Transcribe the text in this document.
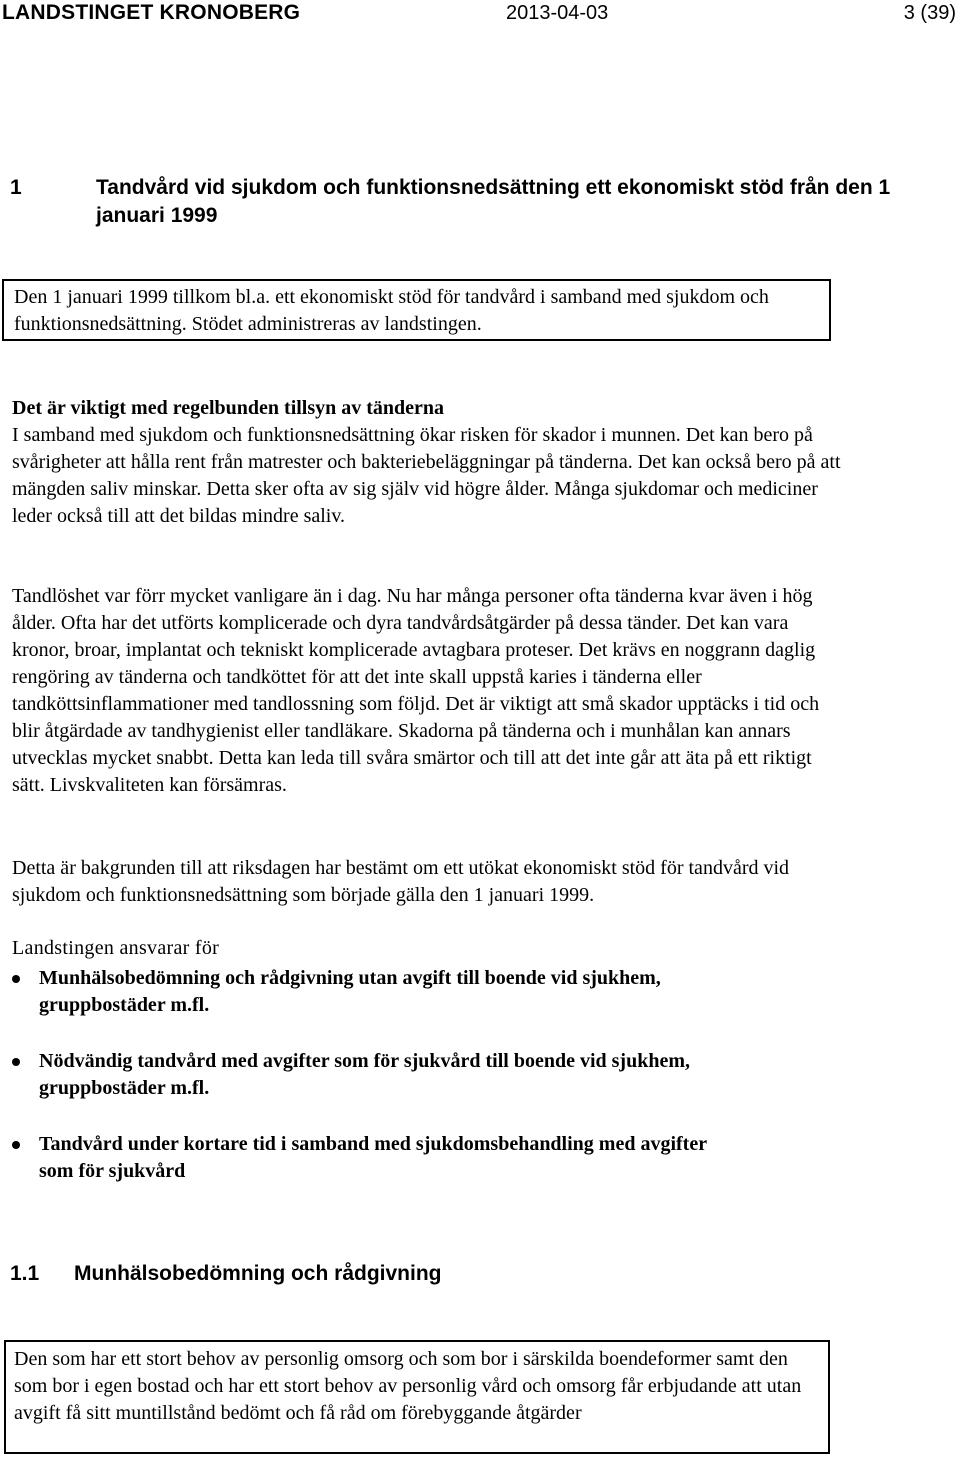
LANDSTINGET KRONOBERG	2013-04-03	3 (39)
1	Tandvård vid sjukdom och funktionsnedsättning ett ekonomiskt stöd från den 1 januari 1999

Den 1 januari 1999 tillkom bl.a. ett ekonomiskt stöd för tandvård i samband med sjukdom och funktionsnedsättning. Stödet administreras av landstingen.

Det är viktigt med regelbunden tillsyn av tänderna
I samband med sjukdom och funktionsnedsättning ökar risken för skador i munnen. Det kan bero på svårigheter att hålla rent från matrester och bakteriebeläggningar på tänderna. Det kan också bero på att mängden saliv minskar. Detta sker ofta av sig själv vid högre ålder. Många sjukdomar och mediciner leder också till att det bildas mindre saliv.

Tandlöshet var förr mycket vanligare än i dag. Nu har många personer ofta tänderna kvar även i hög ålder. Ofta har det utförts komplicerade och dyra tandvårdsåtgärder på dessa tänder. Det kan vara kronor, broar, implantat och tekniskt komplicerade avtagbara proteser. Det krävs en noggrann daglig rengöring av tänderna och tandköttet för att det inte skall uppstå karies i tänderna eller tandköttsinflammationer med tandlossning som följd. Det är viktigt att små skador upptäcks i tid och blir åtgärdade av tandhygienist eller tandläkare. Skadorna på tänderna och i munhålan kan annars utvecklas mycket snabbt. Detta kan leda till svåra smärtor och till att det inte går att äta på ett riktigt sätt. Livskvaliteten kan försämras.

Detta är bakgrunden till att riksdagen har bestämt om ett utökat ekonomiskt stöd för tandvård vid sjukdom och funktionsnedsättning som började gälla den 1 januari 1999.

Landstingen ansvarar för
Munhälsobedömning och rådgivning utan avgift till boende vid sjukhem, gruppbostäder m.fl.
Nödvändig tandvård med avgifter som för sjukvård till boende vid sjukhem, gruppbostäder m.fl.
Tandvård under kortare tid i samband med sjukdomsbehandling med avgifter som för sjukvård
1.1 Munhälsobedömning och rådgivning

Den som har ett stort behov av personlig omsorg och som bor i särskilda boendeformer samt den som bor i egen bostad och har ett stort behov av personlig vård och omsorg får erbjudande att utan avgift få sitt muntillstånd bedömt och få råd om förebyggande åtgärder
